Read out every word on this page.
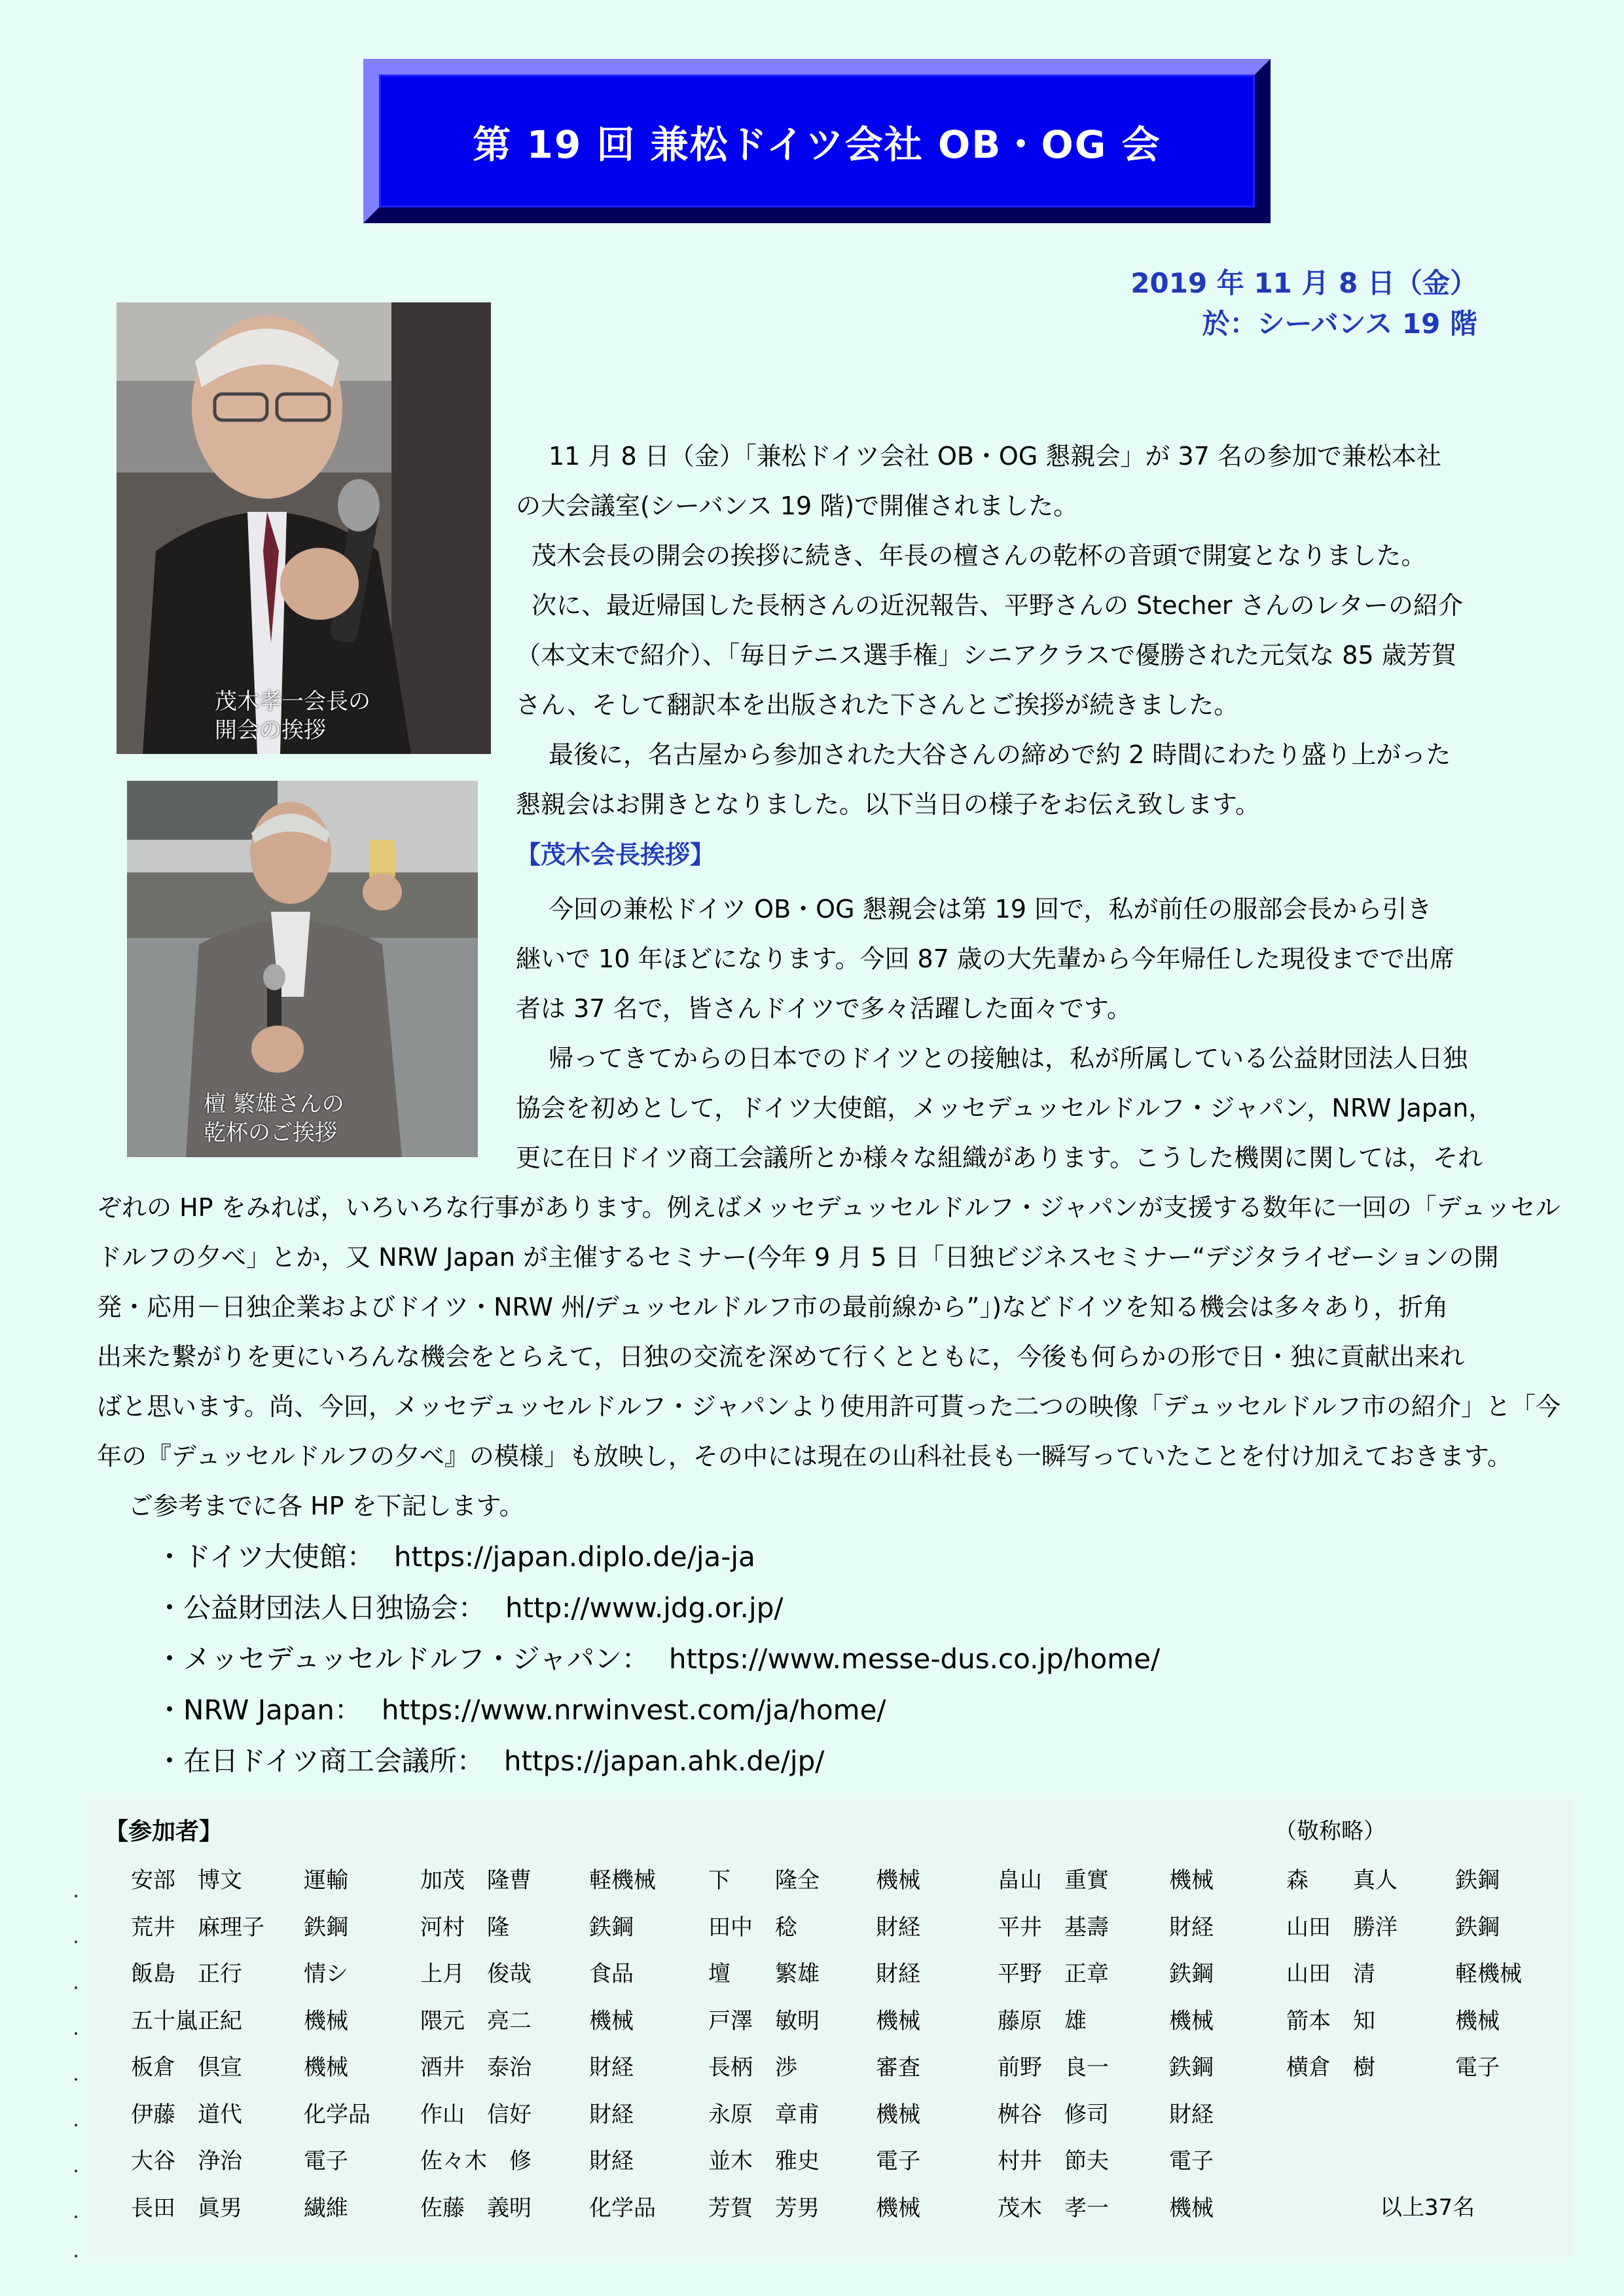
第 19 回 兼松ドイツ会社 OB・OG 会
2019 年 11 月 8 日（金）
於：シーバンス 19 階
茂木孝一会長の
開会の挨拶
檀 繁雄さんの
乾杯のご挨拶
11 月 8 日（金）「兼松ドイツ会社 OB・OG 懇親会」が 37 名の参加で兼松本社
の大会議室(シーバンス 19 階)で開催されました。
茂木会長の開会の挨拶に続き、年長の檀さんの乾杯の音頭で開宴となりました。
次に、最近帰国した長柄さんの近況報告、平野さんの Stecher さんのレターの紹介
（本文末で紹介）、「毎日テニス選手権」シニアクラスで優勝された元気な 85 歳芳賀
さん、そして翻訳本を出版された下さんとご挨拶が続きました。
最後に，名古屋から参加された大谷さんの締めで約 2 時間にわたり盛り上がった
懇親会はお開きとなりました。以下当日の様子をお伝え致します。
【茂木会長挨拶】
今回の兼松ドイツ OB・OG 懇親会は第 19 回で，私が前任の服部会長から引き
継いで 10 年ほどになります。今回 87 歳の大先輩から今年帰任した現役までで出席
者は 37 名で，皆さんドイツで多々活躍した面々です。
帰ってきてからの日本でのドイツとの接触は，私が所属している公益財団法人日独
協会を初めとして，ドイツ大使館，メッセデュッセルドルフ・ジャパン，NRW Japan，
更に在日ドイツ商工会議所とか様々な組織があります。こうした機関に関しては，それ
ぞれの HP をみれば，いろいろな行事があります。例えばメッセデュッセルドルフ・ジャパンが支援する数年に一回の「デュッセル
ドルフの夕べ」とか，又 NRW Japan が主催するセミナー(今年 9 月 5 日「日独ビジネスセミナー“デジタライゼーションの開
発・応用－日独企業およびドイツ・NRW 州/デュッセルドルフ市の最前線から”」)などドイツを知る機会は多々あり，折角
出来た繋がりを更にいろんな機会をとらえて，日独の交流を深めて行くとともに，今後も何らかの形で日・独に貢献出来れ
ばと思います。尚、今回，メッセデュッセルドルフ・ジャパンより使用許可貰った二つの映像「デュッセルドルフ市の紹介」と「今
年の『デュッセルドルフの夕べ』の模様」も放映し，その中には現在の山科社長も一瞬写っていたことを付け加えておきます。
ご参考までに各 HP を下記します。
・ドイツ大使館： https://japan.diplo.de/ja-ja
・公益財団法人日独協会： http://www.jdg.or.jp/
・メッセデュッセルドルフ・ジャパン： https://www.messe-dus.co.jp/home/
・NRW Japan： https://www.nrwinvest.com/ja/home/
・在日ドイツ商工会議所： https://japan.ahk.de/jp/
【参加者】	（敬称略）
以上37名
安部　博文	運輸
荒井　麻理子 鉄鋼
飯島　正行	情シ
五十嵐正紀	機械
板倉　倶宣	機械
伊藤　道代	化学品
大谷　浄治	電子
長田　眞男	繊維
加茂　隆曹	軽機械
河村　隆	鉄鋼
上月　俊哉	食品
隈元　亮二	機械
酒井　泰治	財経
作山　信好	財経
佐々木　修	財経
佐藤　義明	化学品
下　　隆全	機械
田中　稔	財経
壇　　繁雄	財経
戸澤　敏明	機械
長柄　渉	審査
永原　章甫	機械
並木　雅史	電子
芳賀　芳男	機械
畠山　重實	機械
平井　基壽	財経
平野　正章	鉄鋼
藤原　雄	機械
前野　良一	鉄鋼
桝谷　修司	財経
村井　節夫	電子
茂木　孝一	機械
森　　真人	鉄鋼
山田　勝洋	鉄鋼
山田　清	軽機械
箭本　知	機械
横倉　樹	電子
